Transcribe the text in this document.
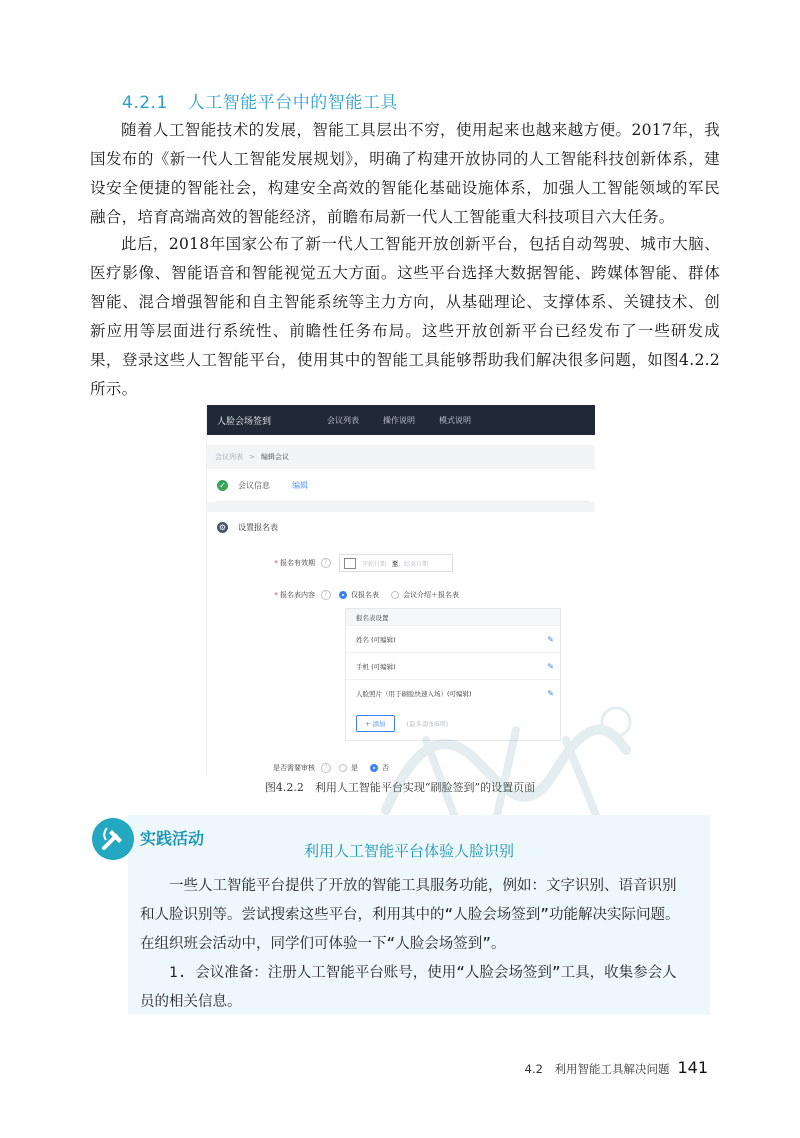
4.2.1 人工智能平台中的智能工具

随着人工智能技术的发展，智能工具层出不穷，使用起来也越来越方便。2017年，我国发布的《新一代人工智能发展规划》，明确了构建开放协同的人工智能科技创新体系，建设安全便捷的智能社会，构建安全高效的智能化基础设施体系，加强人工智能领域的军民融合，培育高端高效的智能经济，前瞻布局新一代人工智能重大科技项目六大任务。

此后，2018年国家公布了新一代人工智能开放创新平台，包括自动驾驶、城市大脑、医疗影像、智能语音和智能视觉五大方面。这些平台选择大数据智能、跨媒体智能、群体智能、混合增强智能和自主智能系统等主力方向，从基础理论、支撑体系、关键技术、创新应用等层面进行系统性、前瞻性任务布局。这些开放创新平台已经发布了一些研发成果，登录这些人工智能平台，使用其中的智能工具能够帮助我们解决很多问题，如图4.2.2所示。

人脸会场签到	会议列表	操作说明	模式说明
会议列表 > 编辑会议
✓ 会议信息	编辑
⚙ 设置报名表
* 报名有效期	?	开始日期 至 结束日期
* 报名表内容	?	仅报名表	会议介绍＋报名表
报名表设置
姓名 (可编辑)	✎
手机 (可编辑)	✎
人脸照片（用于刷脸快速入场）(可编辑)	✎
+ 添加	(最多添加6项)
是否需要审核	?	是	否
图4.2.2　利用人工智能平台实现“刷脸签到”的设置页面
实践活动
利用人工智能平台体验人脸识别

一些人工智能平台提供了开放的智能工具服务功能，例如：文字识别、语音识别和人脸识别等。尝试搜索这些平台，利用其中的“人脸会场签到”功能解决实际问题。在组织班会活动中，同学们可体验一下“人脸会场签到”。

1. 会议准备：注册人工智能平台账号，使用“人脸会场签到”工具，收集参会人员的相关信息。

4.2　利用智能工具解决问题 141
